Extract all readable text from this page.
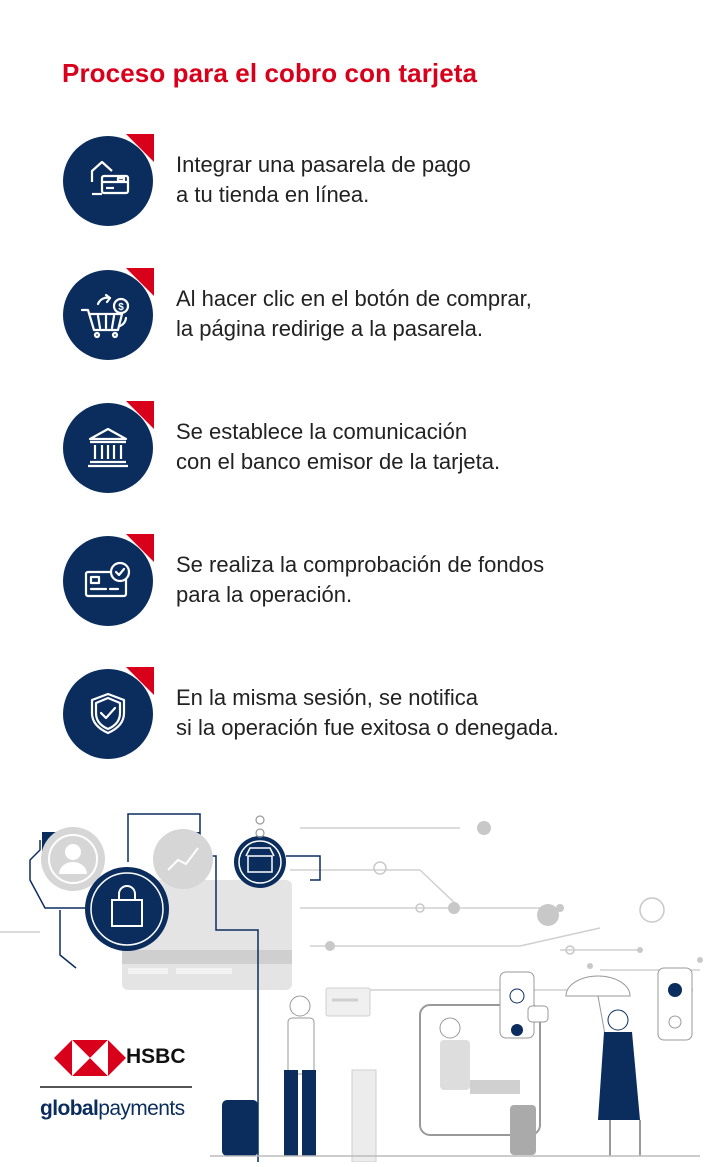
Proceso para el cobro con tarjeta
Integrar una pasarela de pago
a tu tienda en línea.
$ Al hacer clic en el botón de comprar,
la página redirige a la pasarela.
Se establece la comunicación
con el banco emisor de la tarjeta.
Se realiza la comprobación de fondos
para la operación.
En la misma sesión, se notifica
si la operación fue exitosa o denegada.
HSBC
globalpayments
